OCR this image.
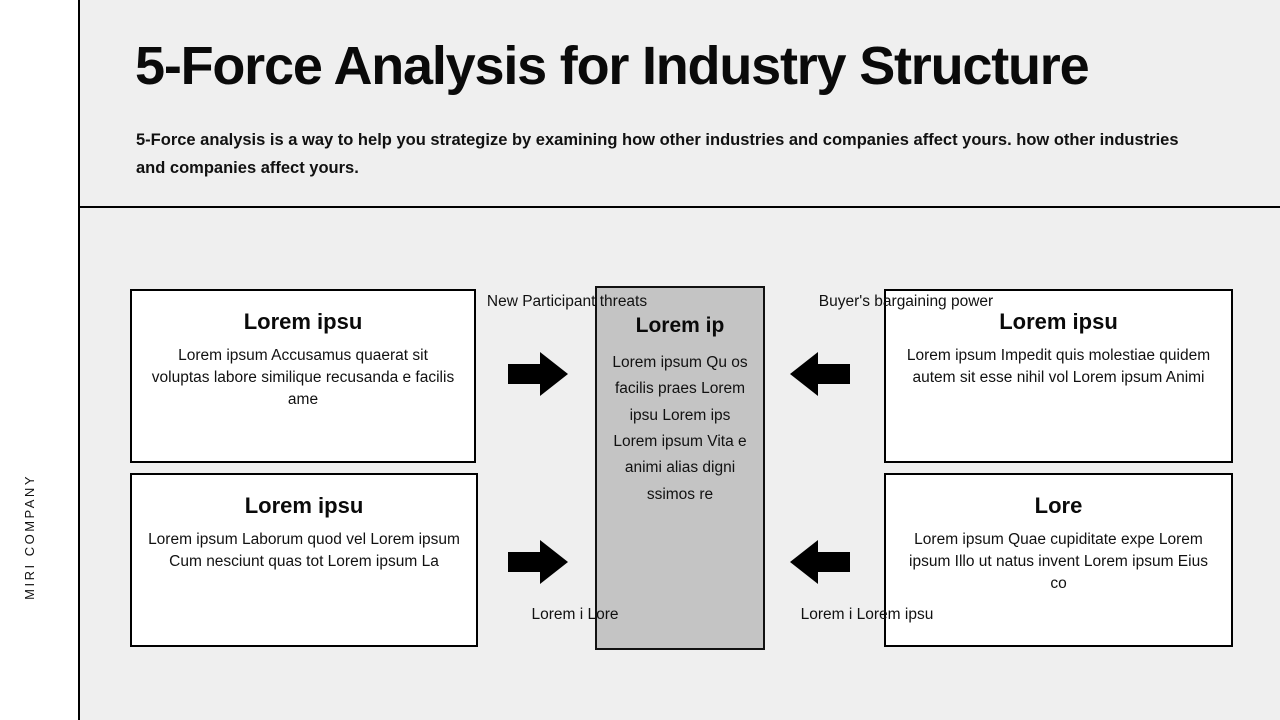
MIRI COMPANY
5-Force Analysis for Industry Structure
5-Force analysis is a way to help you strategize by examining how other industries and companies affect yours. how other industries and companies affect yours.
Lorem ipsu

Lorem ipsum Accusamus quaerat sit voluptas labore similique recusanda e facilis ame

Lorem ipsu

Lorem ipsum Laborum quod vel Lorem ipsum Cum nesciunt quas tot Lorem ipsum La

Lorem ip

Lorem ipsum Qu os facilis praes Lorem ipsu Lorem ips Lorem ipsum Vita e animi alias digni ssimos re

Lorem ipsu

Lorem ipsum Impedit quis molestiae quidem autem sit esse nihil vol Lorem ipsum Animi

Lore

Lorem ipsum Quae cupiditate expe Lorem ipsum Illo ut natus invent Lorem ipsum Eius co

New Participant threats	Buyer's bargaining power
Lorem i Lore	Lorem i Lorem ipsu
